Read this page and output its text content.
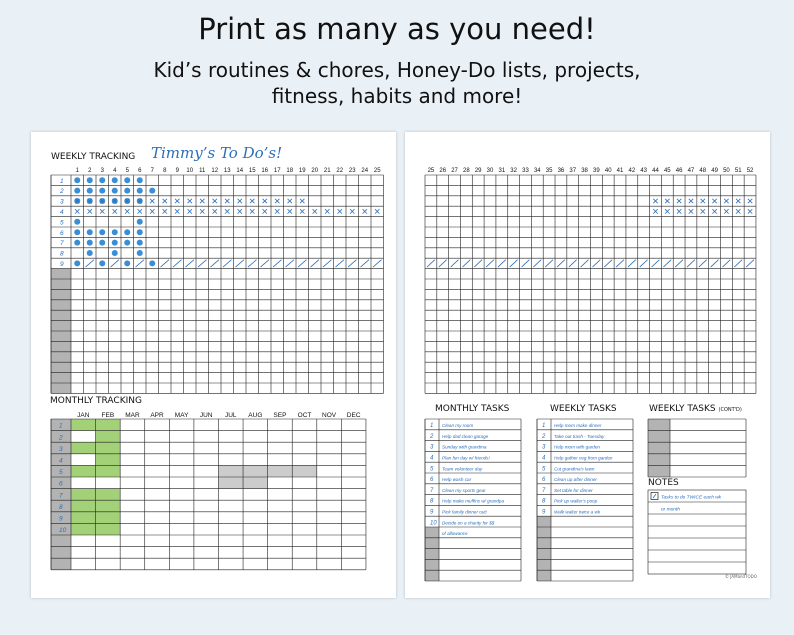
Print as many as you need!
Kid’s routines & chores, Honey-Do lists, projects,
fitness, habits and more!
WEEKLY TRACKING Timmy’s To Do’s!
1 2 3 4 5 6 7 8 9 10 11 12 13 14 15 16 17 18 19 20 21 22 23 24 25
1
2
3
4
5
6
7
8
9
JAN FEB MAR APR MAY JUN JUL AUG SEP OCT NOV DEC
1
2
3
4
5
6
7
8
9
10
MONTHLY TRACKING
25 26 27 28 29 30 31 32 33 34 35 36 37 38 39 40 41 42 43 44 45 46 47 48 49 50 51 52
1
2
3
4
5
6
7
8
9
10
Clean my room
Help dad clean garage
Sunday with grandma
Plan fun day w/ friends!
Team volunteer day
Help wash car
Clean my sports gear
Help make muffins w/ grandpa
Pick family dinner out!
Decide on a charity for $$
of allowance
1
2
3
4
5
6
7
8
9
Help mom make dinner
Take out trash - Tuesday
Help mom with garden
Help gather veg from garden
Cut grandma's lawn
Clean up after dinner
Set table for dinner
Pick up walter's poop
Walk walter twice a wk
Tasks to do TWICE each wk
or month
MONTHLY TASKS	WEEKLY TASKS	WEEKLY TASKS (CONT'D)
NOTES
© JAMandTODO
